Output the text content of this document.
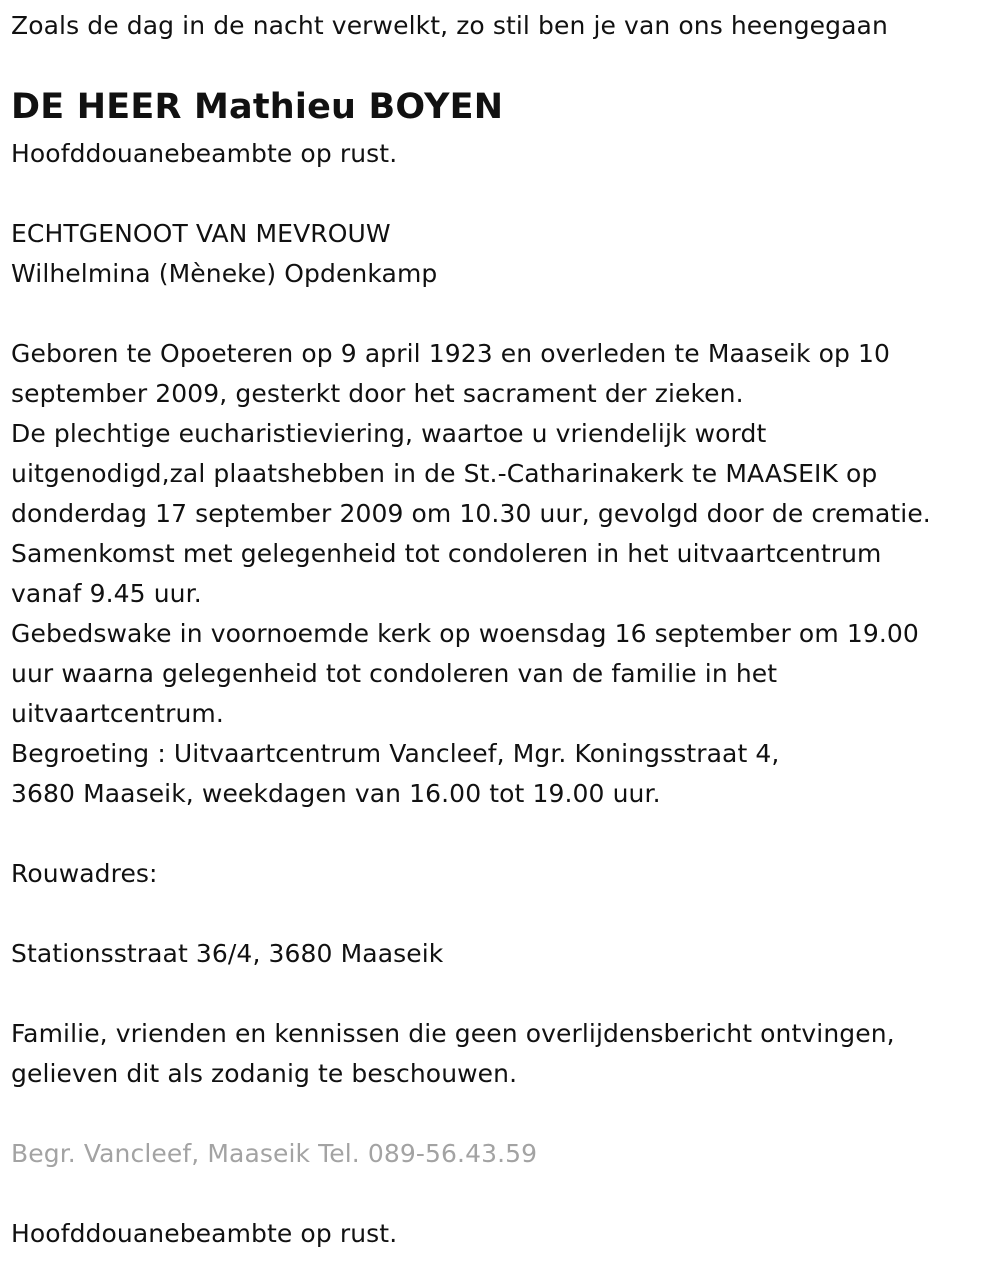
Zoals de dag in de nacht verwelkt, zo stil ben je van ons heengegaan
DE HEER Mathieu BOYEN
Hoofddouanebeambte op rust.
ECHTGENOOT VAN MEVROUW
Wilhelmina (Mèneke) Opdenkamp
Geboren te Opoeteren op 9 april 1923 en overleden te Maaseik op 10
september 2009, gesterkt door het sacrament der zieken.
De plechtige eucharistieviering, waartoe u vriendelijk wordt
uitgenodigd,zal plaatshebben in de St.-Catharinakerk te MAASEIK op
donderdag 17 september 2009 om 10.30 uur, gevolgd door de crematie.
Samenkomst met gelegenheid tot condoleren in het uitvaartcentrum
vanaf 9.45 uur.
Gebedswake in voornoemde kerk op woensdag 16 september om 19.00
uur waarna gelegenheid tot condoleren van de familie in het
uitvaartcentrum.
Begroeting : Uitvaartcentrum Vancleef, Mgr. Koningsstraat 4,
3680 Maaseik, weekdagen van 16.00 tot 19.00 uur.
Rouwadres:
Stationsstraat 36/4, 3680 Maaseik
Familie, vrienden en kennissen die geen overlijdensbericht ontvingen,
gelieven dit als zodanig te beschouwen.
Begr. Vancleef, Maaseik Tel. 089-56.43.59
Hoofddouanebeambte op rust.
